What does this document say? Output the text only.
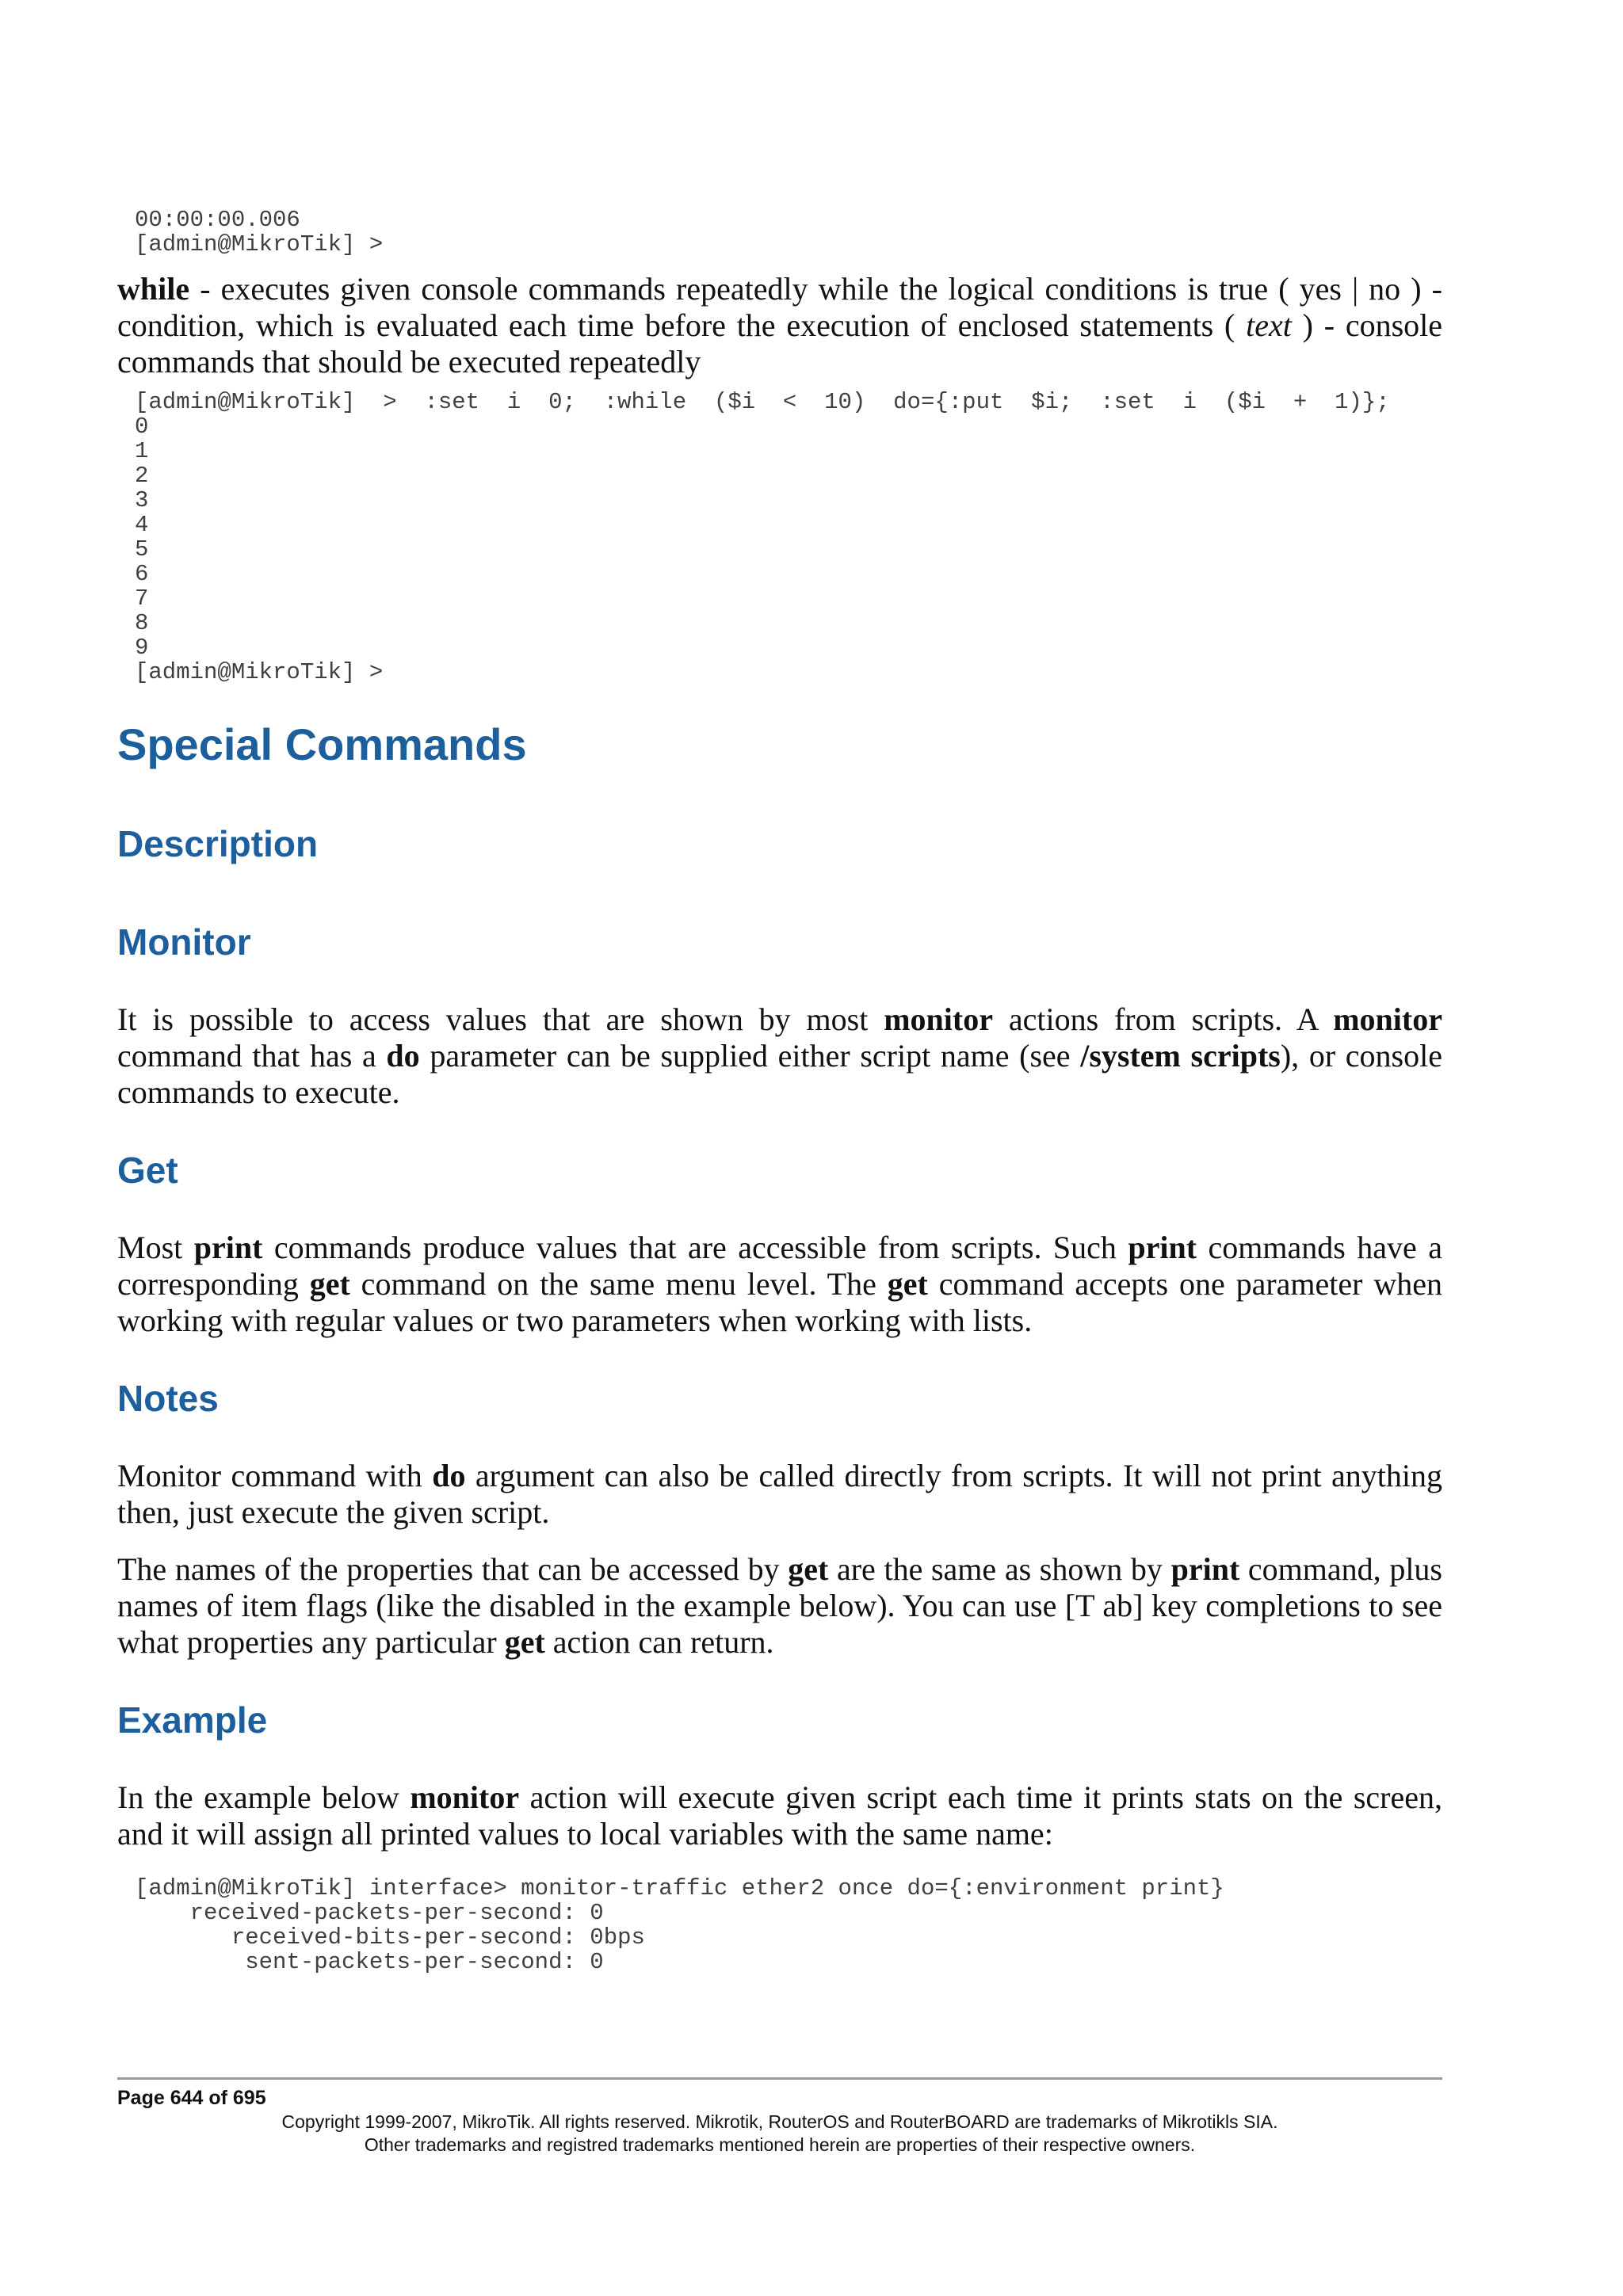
00:00:00.006
[admin@MikroTik] >

while - executes given console commands repeatedly while the logical conditions is true ( yes | no ) - condition, which is evaluated each time before the execution of enclosed statements ( text ) - console commands that should be executed repeatedly

[admin@MikroTik]  >  :set  i  0;  :while  ($i  <  10)  do={:put  $i;  :set  i  ($i  +  1)};
0
1
2
3
4
5
6
7
8
9
[admin@MikroTik] >
Special Commands
Description
Monitor

It is possible to access values that are shown by most monitor actions from scripts. A monitor command that has a do parameter can be supplied either script name (see /system scripts), or console commands to execute.

Get

Most print commands produce values that are accessible from scripts. Such print commands have a corresponding get command on the same menu level. The get command accepts one parameter when working with regular values or two parameters when working with lists.

Notes

Monitor command with do argument can also be called directly from scripts. It will not print anything then, just execute the given script.

The names of the properties that can be accessed by get are the same as shown by print command, plus names of item flags (like the disabled in the example below). You can use [T ab] key completions to see what properties any particular get action can return.

Example

In the example below monitor action will execute given script each time it prints stats on the screen, and it will assign all printed values to local variables with the same name:

[admin@MikroTik] interface> monitor-traffic ether2 once do={:environment print}
received-packets-per-second: 0
received-bits-per-second: 0bps
sent-packets-per-second: 0
Page 644 of 695
Copyright 1999-2007, MikroTik. All rights reserved. Mikrotik, RouterOS and RouterBOARD are trademarks of Mikrotikls SIA.
Other trademarks and registred trademarks mentioned herein are properties of their respective owners.
